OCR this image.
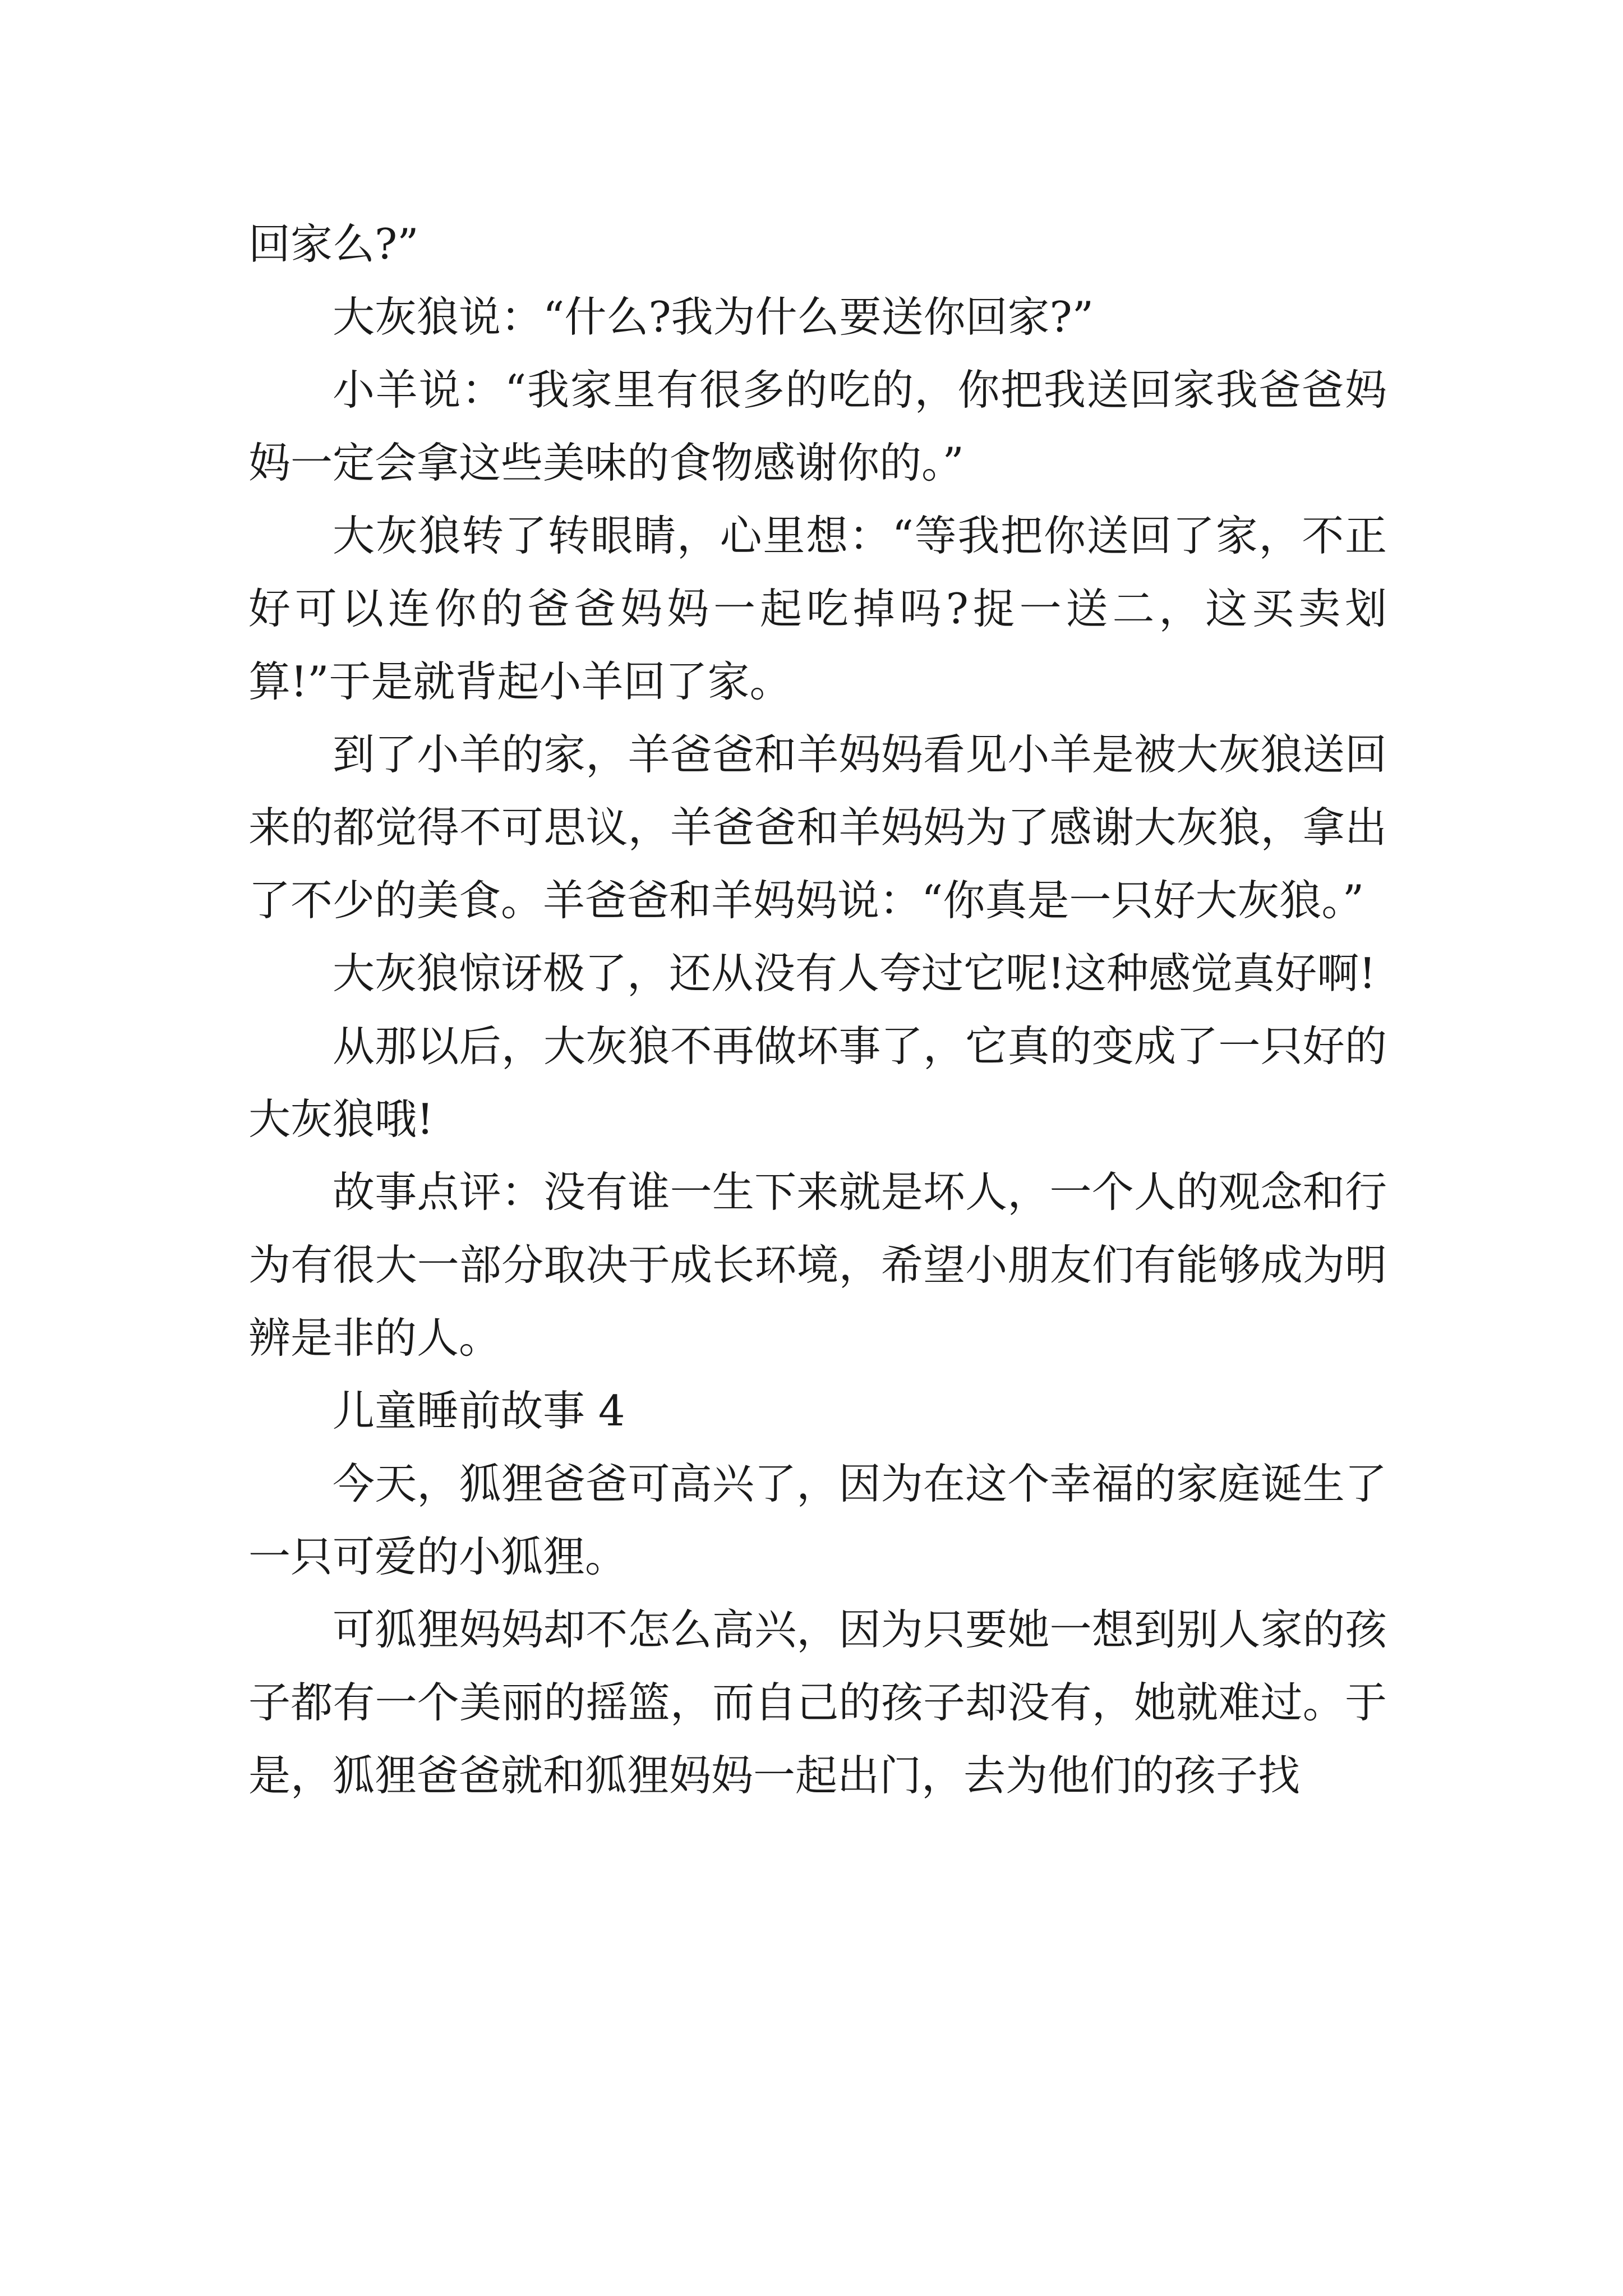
回家么?”

大灰狼说：“什么?我为什么要送你回家?”

小羊说：“我家里有很多的吃的，你把我送回家我爸爸妈妈一定会拿这些美味的食物感谢你的。”

大灰狼转了转眼睛，心里想：“等我把你送回了家，不正好可以连你的爸爸妈妈一起吃掉吗?捉一送二，这买卖划算!”于是就背起小羊回了家。

到了小羊的家，羊爸爸和羊妈妈看见小羊是被大灰狼送回来的都觉得不可思议，羊爸爸和羊妈妈为了感谢大灰狼，拿出了不少的美食。羊爸爸和羊妈妈说：“你真是一只好大灰狼。”

大灰狼惊讶极了，还从没有人夸过它呢!这种感觉真好啊!

从那以后，大灰狼不再做坏事了，它真的变成了一只好的大灰狼哦!

故事点评：没有谁一生下来就是坏人，一个人的观念和行为有很大一部分取决于成长环境，希望小朋友们有能够成为明辨是非的人。

儿童睡前故事 4

今天，狐狸爸爸可高兴了，因为在这个幸福的家庭诞生了一只可爱的小狐狸。

可狐狸妈妈却不怎么高兴，因为只要她一想到别人家的孩子都有一个美丽的摇篮，而自己的孩子却没有，她就难过。于是，狐狸爸爸就和狐狸妈妈一起出门，去为他们的孩子找
